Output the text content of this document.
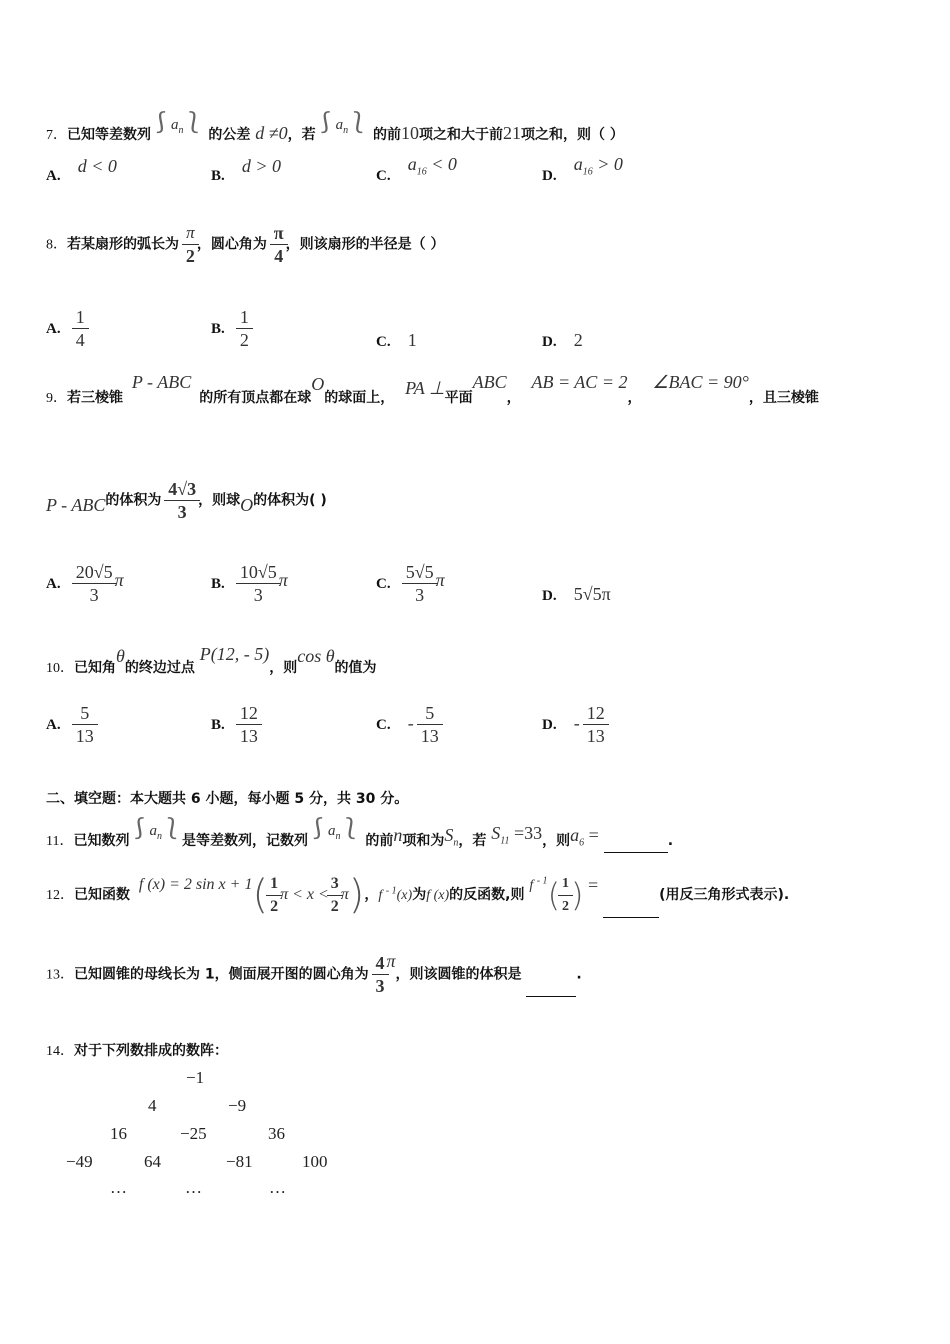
7．已知等差数列$⎰a_n⎱$ 的公差 d ≠0，若$⎰a_n⎱$ 的前10项之和大于前21项之和，则（ ）
A. d < 0	B. d > 0	C. $a_{16} < 0$
D. $a_{16} > 0$
8．若某扇形的弧长为 $\frac{\pi}{2}$ ，圆心角为 $\frac{\pi}{4}$ ，则该扇形的半径是（ ）
A. $\frac{1}{4}$	B. $\frac{1}{2}$	C. 1	D. 2
9．若三棱锥 P - ABC的所有顶点都在球O的球面上， PA ⊥平面ABC， AB = AC = 2， ∠BAC = 90°，且三棱锥
P - ABC的体积为 $\frac{4√3}{3}$ ，则球O的体积为( )
A. $\frac{20√5}{3}$ π	B. $\frac{10√5}{3}$ π	C. $\frac{5√5}{3}$ π
D. 5√5π
10．已知角θ的终边过点 P(12, - 5)，则cos θ的值为
A. $\frac{5}{13}$	B. $\frac{12}{13}$	C. - $\frac{5}{13}$	D. - $\frac{12}{13}$
二、填空题：本大题共 6 小题，每小题 5 分，共 30 分。
11．已知数列$⎰a_n⎱$是等差数列，记数列$⎰a_n⎱$ 的前n项和为$S_n$，若 $S_{11} =33$，则$a_6$ =	.
12．已知函数 f (x) = 2 $\sin x + 1( \frac{1}{2}$ $\pi < x < \frac{3}{2} \pi$)，f $^{- 1}$(x)为f (x)的反函数,则 f $^{- 1}( \frac{1}{2}$ ) =	(用反三角形式表示).
13．已知圆锥的母线长为 1，侧面展开图的圆心角为 $\frac{4}{3}$ π，则该圆锥的体积是	.
14．对于下列数排成的数阵：
−1
4	−9
16	−25	36
−49	64	−81	100
…	…	…
